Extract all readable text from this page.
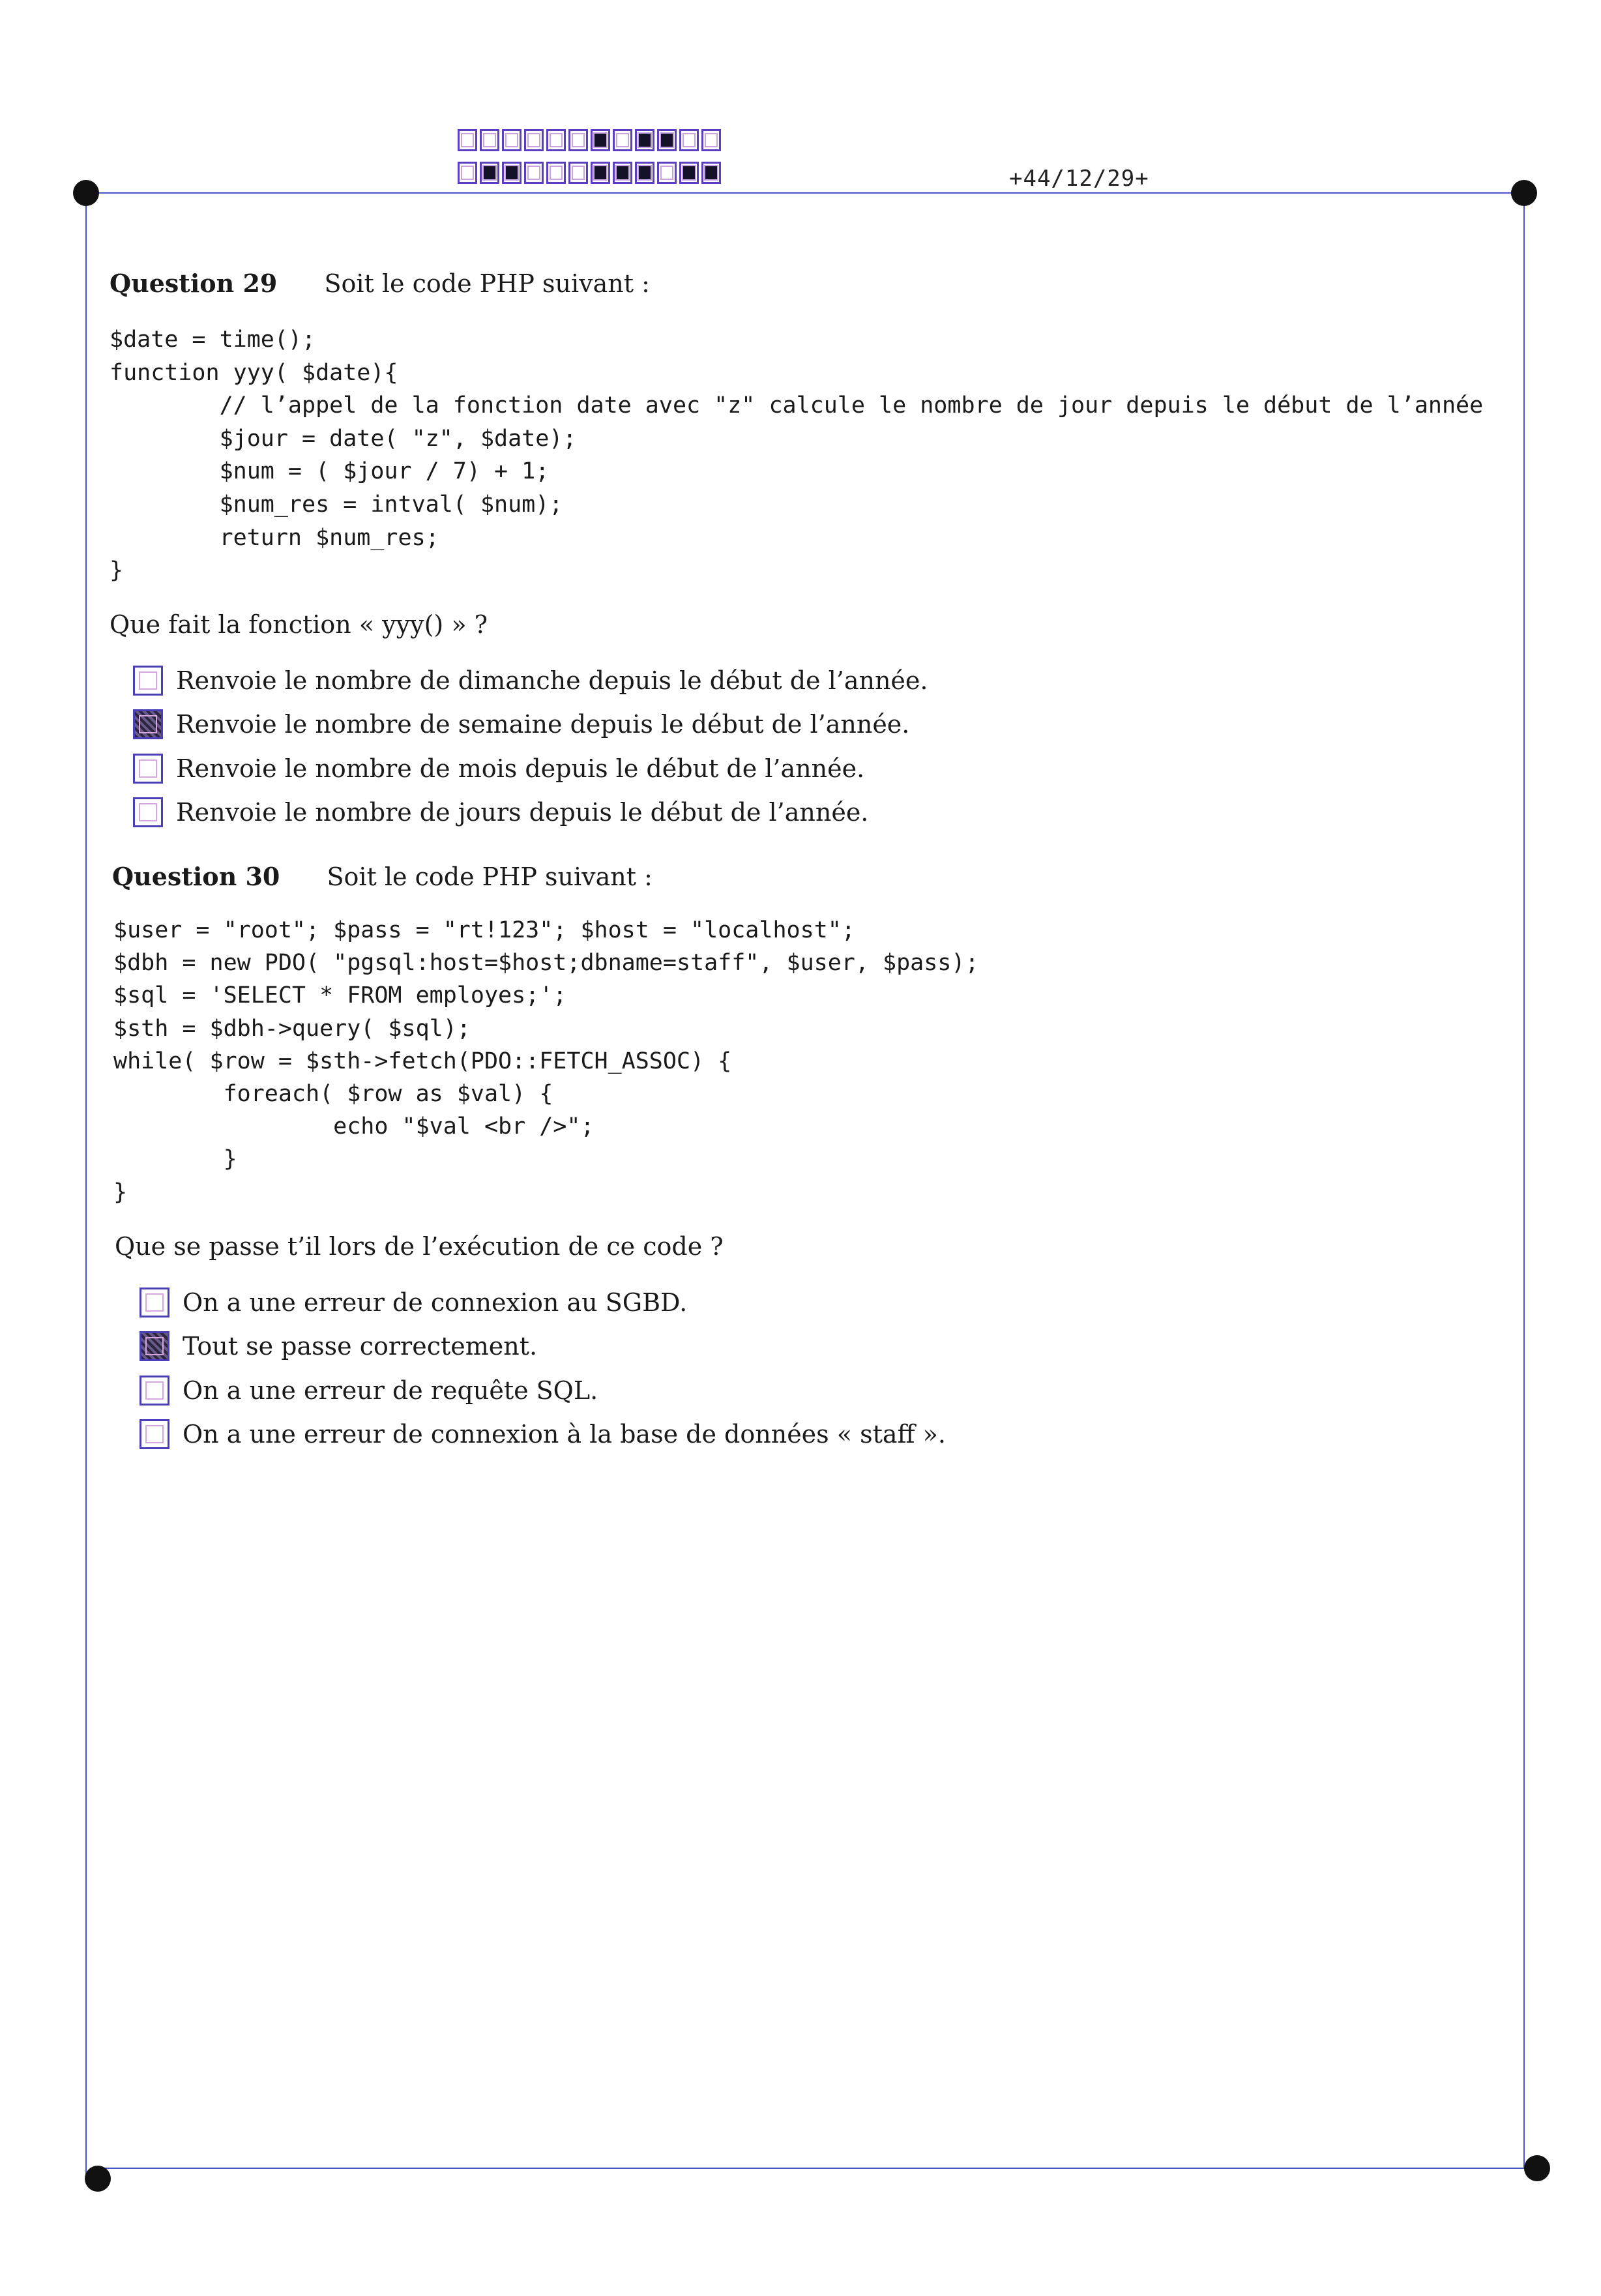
+44/12/29+
Question 29 Soit le code PHP suivant :
$date = time();
function yyy( $date){
// l’appel de la fonction date avec "z" calcule le nombre de jour depuis le début de l’année
$jour = date( "z", $date);
$num = ( $jour / 7) + 1;
$num_res = intval( $num);
return $num_res;
}
Que fait la fonction « yyy() » ?
Renvoie le nombre de dimanche depuis le début de l’année.
Renvoie le nombre de semaine depuis le début de l’année.
Renvoie le nombre de mois depuis le début de l’année.
Renvoie le nombre de jours depuis le début de l’année.
Question 30 Soit le code PHP suivant :
$user = "root"; $pass = "rt!123"; $host = "localhost";
$dbh = new PDO( "pgsql:host=$host;dbname=staff", $user, $pass);
$sql = 'SELECT * FROM employes;';
$sth = $dbh->query( $sql);
while( $row = $sth->fetch(PDO::FETCH_ASSOC) {
foreach( $row as $val) {
echo "$val <br />";
}
}
Que se passe t’il lors de l’exécution de ce code ?
On a une erreur de connexion au SGBD.
Tout se passe correctement.
On a une erreur de requête SQL.
On a une erreur de connexion à la base de données « staff ».
